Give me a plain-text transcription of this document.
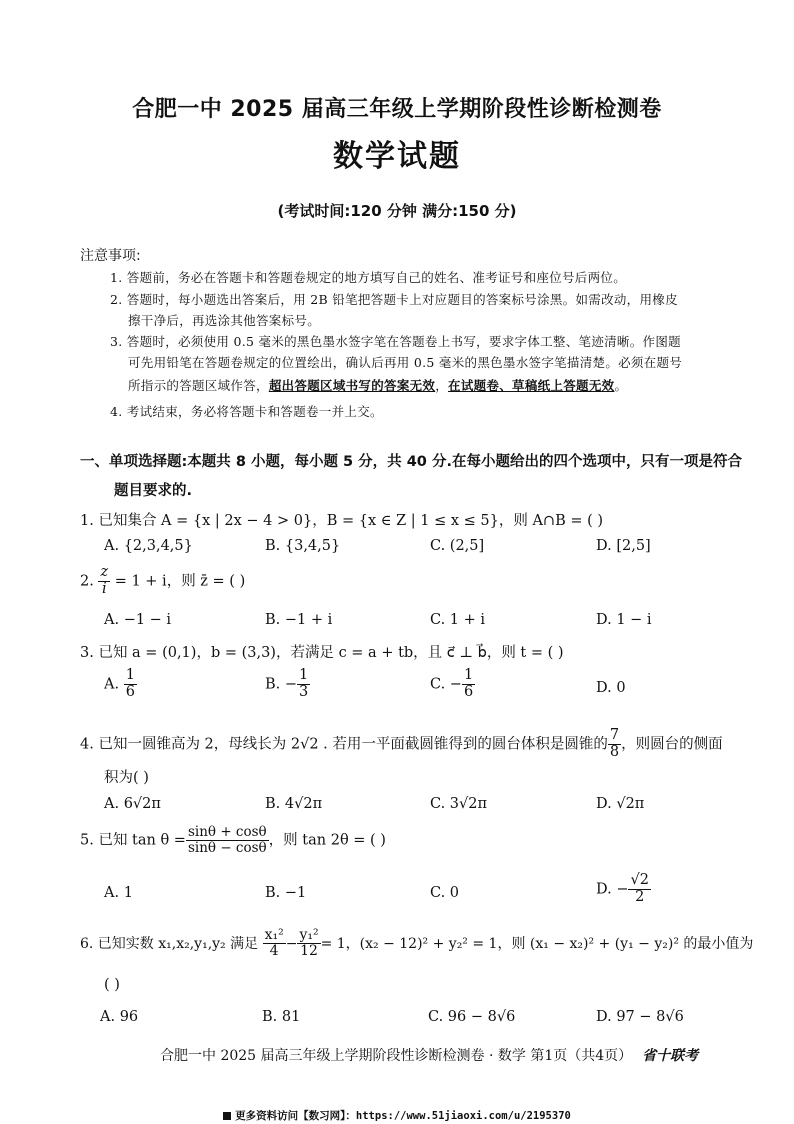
合肥一中 2025 届高三年级上学期阶段性诊断检测卷
数学试题
(考试时间:120 分钟 满分:150 分)
注意事项:
1. 答题前，务必在答题卡和答题卷规定的地方填写自己的姓名、准考证号和座位号后两位。
2. 答题时，每小题选出答案后，用 2B 铅笔把答题卡上对应题目的答案标号涂黑。如需改动，用橡皮
擦干净后，再选涂其他答案标号。
3. 答题时，必须使用 0.5 毫米的黑色墨水签字笔在答题卷上书写，要求字体工整、笔迹清晰。作图题
可先用铅笔在答题卷规定的位置绘出，确认后再用 0.5 毫米的黑色墨水签字笔描清楚。必须在题号
所指示的答题区域作答，超出答题区域书写的答案无效，在试题卷、草稿纸上答题无效。
4. 考试结束，务必将答题卡和答题卷一并上交。
一、单项选择题:本题共 8 小题，每小题 5 分，共 40 分.在每小题给出的四个选项中，只有一项是符合
题目要求的.
1. 已知集合 A = {x | 2x − 4 > 0}，B = {x ∈ Z | 1 ≤ x ≤ 5}，则 A∩B = ( )
A. {2,3,4,5}	B. {3,4,5}	C. (2,5]	D. [2,5]
2. $\frac{z}{i} = 1 + i$，则 z̄ = ( )
A. −1 − i	B. −1 + i	C. 1 + i	D. 1 − i
3. 已知 a = (0,1)，b = (3,3)，若满足 c = a + tb，且 c⃗ ⊥ b⃗，则 t = ( )
A. $\frac{1}{6}$	B. − $\frac{1}{3}$	C. − $\frac{1}{6}$	D. 0
4. 已知一圆锥高为 2，母线长为 2√2 . 若用一平面截圆锥得到的圆台体积是圆锥的 $\frac{7}{8}$ ，则圆台的侧面
积为( )
A. 6√2π	B. 4√2π	C. 3√2π	D. √2π
5. 已知 $\tan \theta = \frac{\sin\theta + \cos\theta}{\sin\theta - \cos\theta}$ ，则 tan 2θ = ( )
A. 1	B. −1	C. 0	D. − $\frac{√2}{2}$
6. 已知实数 x₁,x₂,y₁,y₂ 满足 $\frac{\text{x₁²}}{4} - \frac{\text{y₁²}}{12} = 1$，(x₂ − 12)² + y₂² = 1，则 (x₁ − x₂)² + (y₁ − y₂)² 的最小值为
( )
A. 96	B. 81	C. 96 − 8√6	D. 97 − 8√6
合肥一中 2025 届高三年级上学期阶段性诊断检测卷 · 数学 第1页（共4页） 省十联考
更多资料访问【数习网】：https://www.51jiaoxi.com/u/2195370
